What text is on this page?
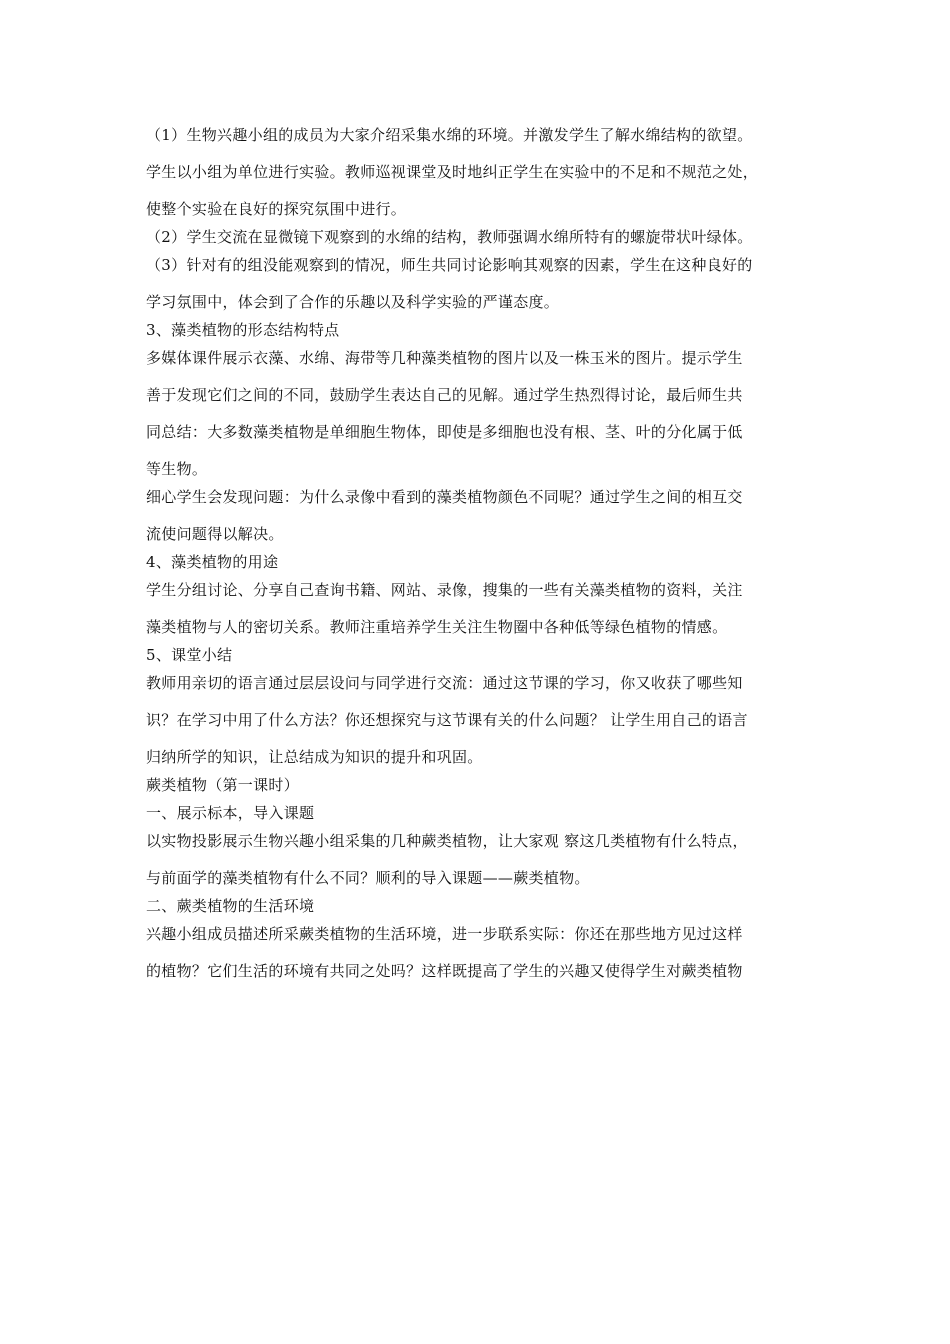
（1）生物兴趣小组的成员为大家介绍采集水绵的环境。并激发学生了解水绵结构的欲望。
学生以小组为单位进行实验。教师巡视课堂及时地纠正学生在实验中的不足和不规范之处，
使整个实验在良好的探究氛围中进行。
（2）学生交流在显微镜下观察到的水绵的结构，教师强调水绵所特有的螺旋带状叶绿体。
（3）针对有的组没能观察到的情况，师生共同讨论影响其观察的因素，学生在这种良好的
学习氛围中，体会到了合作的乐趣以及科学实验的严谨态度。
3、藻类植物的形态结构特点
多媒体课件展示衣藻、水绵、海带等几种藻类植物的图片以及一株玉米的图片。提示学生
善于发现它们之间的不同，鼓励学生表达自己的见解。通过学生热烈得讨论，最后师生共
同总结：大多数藻类植物是单细胞生物体，即使是多细胞也没有根、茎、叶的分化属于低
等生物。
细心学生会发现问题：为什么录像中看到的藻类植物颜色不同呢？通过学生之间的相互交
流使问题得以解决。
4、藻类植物的用途
学生分组讨论、分享自己查询书籍、网站、录像，搜集的一些有关藻类植物的资料，关注
藻类植物与人的密切关系。教师注重培养学生关注生物圈中各种低等绿色植物的情感。
5、课堂小结
教师用亲切的语言通过层层设问与同学进行交流：通过这节课的学习，你又收获了哪些知
识？在学习中用了什么方法？你还想探究与这节课有关的什么问题？ 让学生用自己的语言
归纳所学的知识，让总结成为知识的提升和巩固。
蕨类植物（第一课时）
一、展示标本，导入课题
以实物投影展示生物兴趣小组采集的几种蕨类植物，让大家观 察这几类植物有什么特点，
与前面学的藻类植物有什么不同？顺利的导入课题——蕨类植物。
二、蕨类植物的生活环境
兴趣小组成员描述所采蕨类植物的生活环境，进一步联系实际：你还在那些地方见过这样
的植物？它们生活的环境有共同之处吗？这样既提高了学生的兴趣又使得学生对蕨类植物
